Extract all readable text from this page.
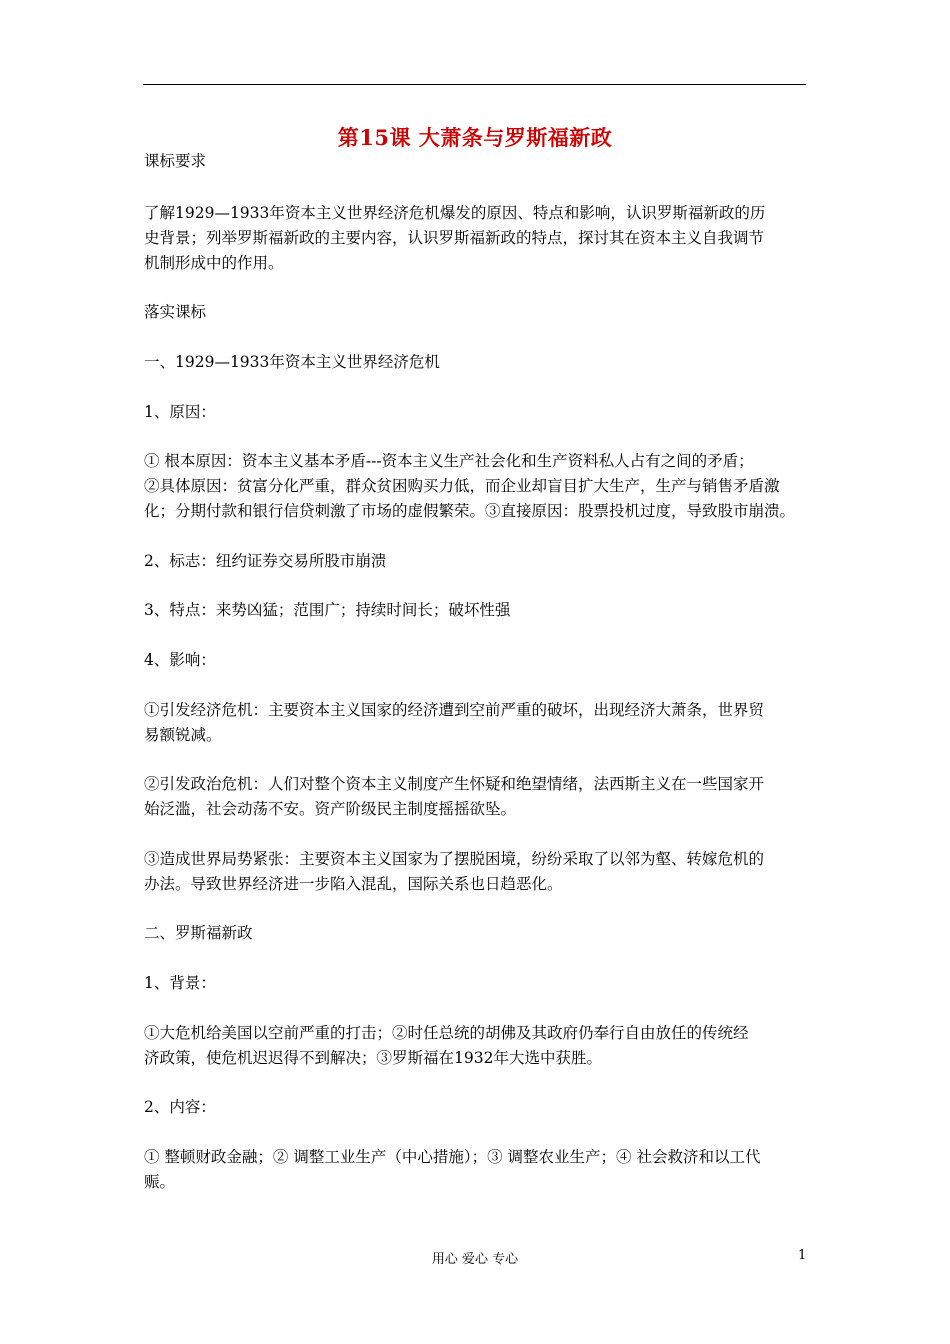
第15课 大萧条与罗斯福新政
课标要求
了解1929—1933年资本主义世界经济危机爆发的原因、特点和影响，认识罗斯福新政的历
史背景；列举罗斯福新政的主要内容，认识罗斯福新政的特点，探讨其在资本主义自我调节
机制形成中的作用。
落实课标
一、1929—1933年资本主义世界经济危机
1、原因：
① 根本原因：资本主义基本矛盾---资本主义生产社会化和生产资料私人占有之间的矛盾；
②具体原因：贫富分化严重，群众贫困购买力低，而企业却盲目扩大生产，生产与销售矛盾激
化；分期付款和银行信贷刺激了市场的虚假繁荣。③直接原因：股票投机过度，导致股市崩溃。
2、标志：纽约证券交易所股市崩溃
3、特点：来势凶猛；范围广；持续时间长；破坏性强
4、影响：
①引发经济危机：主要资本主义国家的经济遭到空前严重的破坏，出现经济大萧条，世界贸
易额锐减。
②引发政治危机：人们对整个资本主义制度产生怀疑和绝望情绪，法西斯主义在一些国家开
始泛滥，社会动荡不安。资产阶级民主制度摇摇欲坠。
③造成世界局势紧张：主要资本主义国家为了摆脱困境，纷纷采取了以邻为壑、转嫁危机的
办法。导致世界经济进一步陷入混乱，国际关系也日趋恶化。
二、罗斯福新政
1、背景：
①大危机给美国以空前严重的打击；②时任总统的胡佛及其政府仍奉行自由放任的传统经
济政策，使危机迟迟得不到解决；③罗斯福在1932年大选中获胜。
2、内容：
① 整顿财政金融；② 调整工业生产（中心措施）；③ 调整农业生产；④ 社会救济和以工代
赈。
用心 爱心 专心	1
